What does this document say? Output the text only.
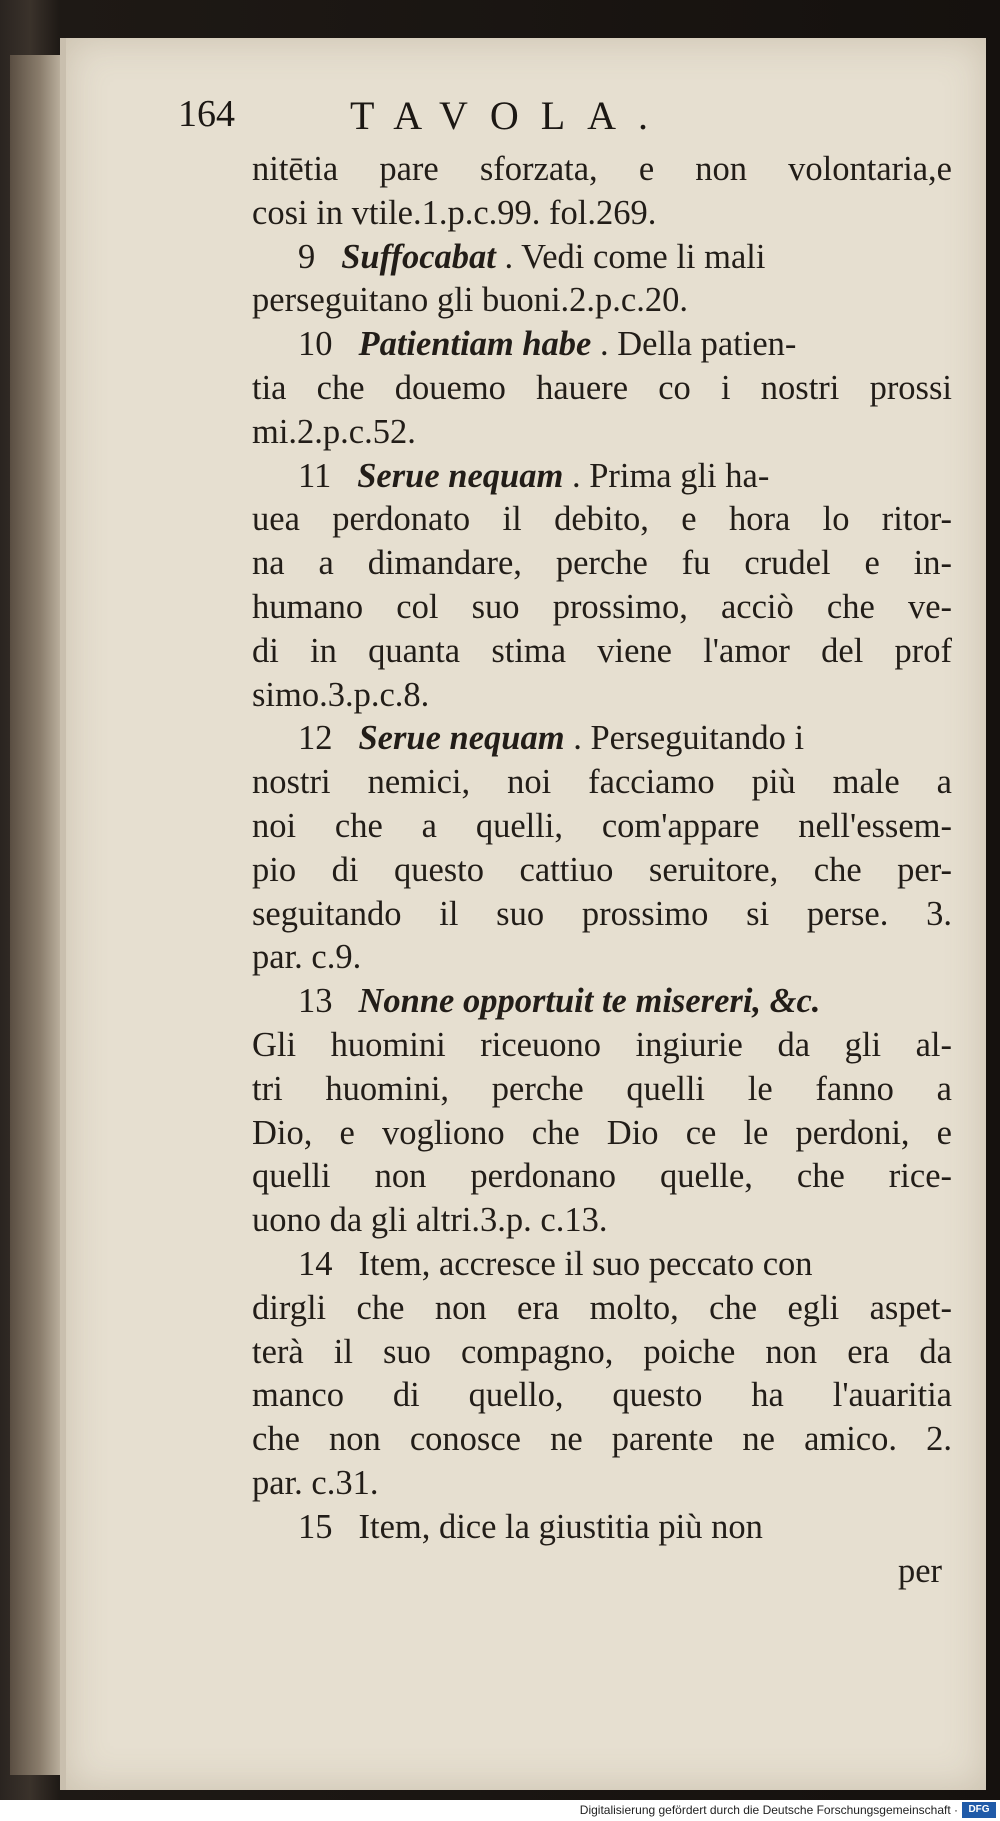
164	TAVOLA.
nitētia pare sforzata, e non volontaria,e
cosi in vtile.1.p.c.99. fol.269.
9 Suffocabat . Vedi come li mali
perseguitano gli buoni.2.p.c.20.
10 Patientiam habe . Della patien-
tia che douemo hauere co i nostri prossi
mi.2.p.c.52.
11 Serue nequam . Prima gli ha-
uea perdonato il debito, e hora lo ritor-
na a dimandare, perche fu crudel e in-
humano col suo prossimo, acciò che ve-
di in quanta stima viene l'amor del prof
simo.3.p.c.8.
12 Serue nequam . Perseguitando i
nostri nemici, noi facciamo più male a
noi che a quelli, com'appare nell'essem-
pio di questo cattiuo seruitore, che per-
seguitando il suo prossimo si perse. 3.
par. c.9.
13 Nonne opportuit te misereri, &c.
Gli huomini riceuono ingiurie da gli al-
tri huomini, perche quelli le fanno a
Dio, e vogliono che Dio ce le perdoni, e
quelli non perdonano quelle, che rice-
uono da gli altri.3.p. c.13.
14 Item, accresce il suo peccato con
dirgli che non era molto, che egli aspet-
terà il suo compagno, poiche non era da
manco di quello, questo ha l'auaritia
che non conosce ne parente ne amico. 2.
par. c.31.
15 Item, dice la giustitia più non
per
Digitalisierung gefördert durch die Deutsche Forschungsgemeinschaft ·	DFG
